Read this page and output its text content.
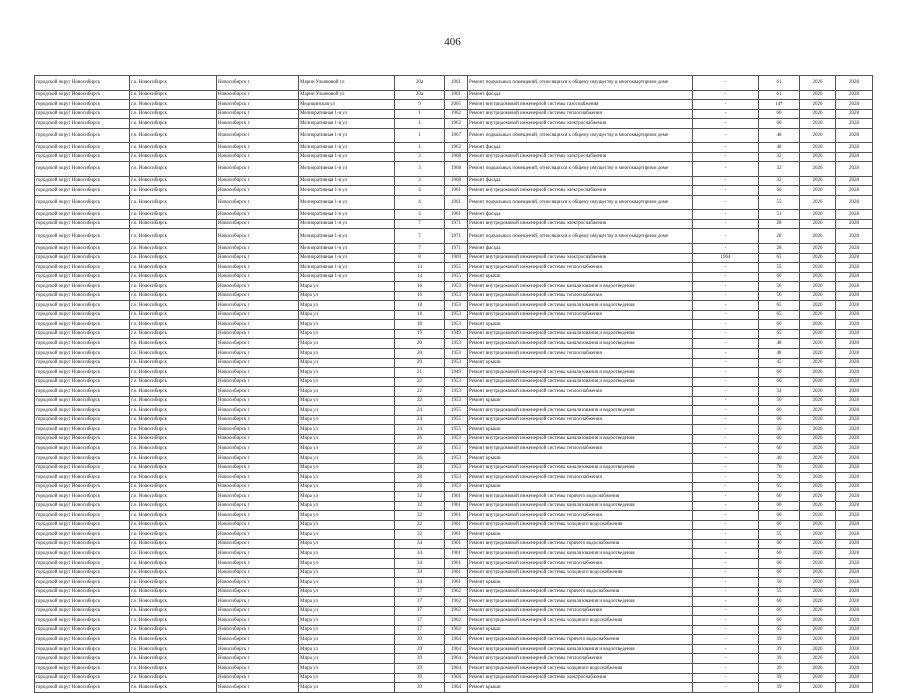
406
городской округ Новосибирск	г.о. Новосибирск	Новосибирск г	Марии Ульяновой ул	20а	1961	Ремонт подвальных помещений, относящихся к общему имуществу в многоквартирном доме	-	61	2026	2028
городской округ Новосибирск	г.о. Новосибирск	Новосибирск г	Марии Ульяновой ул	20а	1961	Ремонт фасада	-	61	2026	2028
городской округ Новосибирск	г.о. Новосибирск	Новосибирск г	Медицинская ул	9	2005	Ремонт внутридомовой инженерной системы газоснабжения	-	14*	2026	2028
городской округ Новосибирск	г.о. Новосибирск	Новосибирск г	Мелиоративная 1-я ул	1	1962	Ремонт внутридомовой инженерной системы теплоснабжения	-	60	2026	2028
городской округ Новосибирск	г.о. Новосибирск	Новосибирск г	Мелиоративная 1-я ул	1	1962	Ремонт внутридомовой инженерной системы электроснабжения	-	60	2026	2028
городской округ Новосибирск	г.о. Новосибирск	Новосибирск г	Мелиоративная 1-я ул	1	1967	Ремонт подвальных помещений, относящихся к общему имуществу в многоквартирном доме	-	48	2026	2028
городской округ Новосибирск	г.о. Новосибирск	Новосибирск г	Мелиоративная 1-я ул	1	1962	Ремонт фасада	-	48	2026	2028
городской округ Новосибирск	г.о. Новосибирск	Новосибирск г	Мелиоративная 1-я ул	3	1968	Ремонт внутридомовой инженерной системы электроснабжения	-	32	2026	2028
городской округ Новосибирск	г.о. Новосибирск	Новосибирск г	Мелиоративная 1-я ул	3	1968	Ремонт подвальных помещений, относящихся к общему имуществу в многоквартирном доме	-	32	2026	2028
городской округ Новосибирск	г.о. Новосибирск	Новосибирск г	Мелиоративная 1-я ул	3	1968	Ремонт фасада	-	32	2026	2028
городской округ Новосибирск	г.о. Новосибирск	Новосибирск г	Мелиоративная 1-я ул	4	1961	Ремонт внутридомовой инженерной системы электроснабжения	-	60	2026	2028
городской округ Новосибирск	г.о. Новосибирск	Новосибирск г	Мелиоративная 1-я ул	4	1961	Ремонт подвальных помещений, относящихся к общему имуществу в многоквартирном доме	-	55	2026	2028
городской округ Новосибирск	г.о. Новосибирск	Новосибирск г	Мелиоративная 1-я ул	4	1961	Ремонт фасада	-	51	2026	2028
городской округ Новосибирск	г.о. Новосибирск	Новосибирск г	Мелиоративная 1-я ул	7	1971	Ремонт внутридомовой инженерной системы электроснабжения	-	28	2026	2028
городской округ Новосибирск	г.о. Новосибирск	Новосибирск г	Мелиоративная 1-я ул	7	1971	Ремонт подвальных помещений, относящихся к общему имуществу в многоквартирном доме	-	28	2026	2028
городской округ Новосибирск	г.о. Новосибирск	Новосибирск г	Мелиоративная 1-я ул	7	1971	Ремонт фасада	-	28	2026	2028
городской округ Новосибирск	г.о. Новосибирск	Новосибирск г	Мелиоративная 1-я ул	8	1969	Ремонт внутридомовой инженерной системы электроснабжения	1964	65	2026	2028
городской округ Новосибирск	г.о. Новосибирск	Новосибирск г	Мелиоративная 1-я ул	14	1955	Ремонт внутридомовой инженерной системы теплоснабжения	-	55	2026	2028
городской округ Новосибирск	г.о. Новосибирск	Новосибирск г	Мелиоративная 1-я ул	14	1955	Ремонт крыши	-	60	2026	2028
городской округ Новосибирск	г.о. Новосибирск	Новосибирск г	Мира ул	16	1953	Ремонт внутридомовой инженерной системы канализования и водоотведения	-	56	2026	2028
городской округ Новосибирск	г.о. Новосибирск	Новосибирск г	Мира ул	16	1953	Ремонт внутридомовой инженерной системы теплоснабжения	-	56	2026	2028
городской округ Новосибирск	г.о. Новосибирск	Новосибирск г	Мира ул	18	1953	Ремонт внутридомовой инженерной системы канализования и водоотведения	-	65	2026	2028
городской округ Новосибирск	г.о. Новосибирск	Новосибирск г	Мира ул	18	1953	Ремонт внутридомовой инженерной системы теплоснабжения	-	65	2026	2028
городской округ Новосибирск	г.о. Новосибирск	Новосибирск г	Мира ул	18	1953	Ремонт крыши	-	60	2026	2028
городской округ Новосибирск	г.о. Новосибирск	Новосибирск г	Мира ул	19	1949	Ремонт внутридомовой инженерной системы канализования и водоотведения	-	65	2026	2028
городской округ Новосибирск	г.о. Новосибирск	Новосибирск г	Мира ул	20	1953	Ремонт внутридомовой инженерной системы канализования и водоотведения	-	48	2026	2028
городской округ Новосибирск	г.о. Новосибирск	Новосибирск г	Мира ул	20	1953	Ремонт внутридомовой инженерной системы теплоснабжения	-	48	2026	2028
городской округ Новосибирск	г.о. Новосибирск	Новосибирск г	Мира ул	20	1953	Ремонт крыши	-	45	2026	2028
городской округ Новосибирск	г.о. Новосибирск	Новосибирск г	Мира ул	21	1949	Ремонт внутридомовой инженерной системы канализования и водоотведения	-	60	2026	2028
городской округ Новосибирск	г.о. Новосибирск	Новосибирск г	Мира ул	22	1953	Ремонт внутридомовой инженерной системы канализования и водоотведения	-	60	2026	2028
городской округ Новосибирск	г.о. Новосибирск	Новосибирск г	Мира ул	22	1953	Ремонт внутридомовой инженерной системы теплоснабжения	-	54	2026	2028
городской округ Новосибирск	г.о. Новосибирск	Новосибирск г	Мира ул	22	1953	Ремонт крыши	-	50	2026	2028
городской округ Новосибирск	г.о. Новосибирск	Новосибирск г	Мира ул	24	1955	Ремонт внутридомовой инженерной системы канализования и водоотведения	-	60	2026	2028
городской округ Новосибирск	г.о. Новосибирск	Новосибирск г	Мира ул	24	1955	Ремонт внутридомовой инженерной системы теплоснабжения	-	60	2026	2028
городской округ Новосибирск	г.о. Новосибирск	Новосибирск г	Мира ул	24	1955	Ремонт крыши	-	50	2026	2028
городской округ Новосибирск	г.о. Новосибирск	Новосибирск г	Мира ул	26	1953	Ремонт внутридомовой инженерной системы канализования и водоотведения	-	60	2026	2028
городской округ Новосибирск	г.о. Новосибирск	Новосибирск г	Мира ул	26	1953	Ремонт внутридомовой инженерной системы теплоснабжения	-	60	2026	2028
городской округ Новосибирск	г.о. Новосибирск	Новосибирск г	Мира ул	26	1953	Ремонт крыши	-	40	2026	2028
городской округ Новосибирск	г.о. Новосибирск	Новосибирск г	Мира ул	28	1953	Ремонт внутридомовой инженерной системы канализования и водоотведения	-	76	2026	2028
городской округ Новосибирск	г.о. Новосибирск	Новосибирск г	Мира ул	28	1953	Ремонт внутридомовой инженерной системы теплоснабжения	-	76	2026	2028
городской округ Новосибирск	г.о. Новосибирск	Новосибирск г	Мира ул	28	1953	Ремонт крыши	-	65	2026	2028
городской округ Новосибирск	г.о. Новосибирск	Новосибирск г	Мира ул	32	1961	Ремонт внутридомовой инженерной системы горячего водоснабжения	-	60	2026	2028
городской округ Новосибирск	г.о. Новосибирск	Новосибирск г	Мира ул	32	1961	Ремонт внутридомовой инженерной системы канализования и водоотведения	-	60	2026	2028
городской округ Новосибирск	г.о. Новосибирск	Новосибирск г	Мира ул	32	1961	Ремонт внутридомовой инженерной системы теплоснабжения	-	60	2026	2028
городской округ Новосибирск	г.о. Новосибирск	Новосибирск г	Мира ул	32	1961	Ремонт внутридомовой инженерной системы холодного водоснабжения	-	60	2026	2028
городской округ Новосибирск	г.о. Новосибирск	Новосибирск г	Мира ул	32	1961	Ремонт крыши	-	55	2026	2028
городской округ Новосибирск	г.о. Новосибирск	Новосибирск г	Мира ул	34	1961	Ремонт внутридомовой инженерной системы горячего водоснабжения	-	60	2026	2028
городской округ Новосибирск	г.о. Новосибирск	Новосибирск г	Мира ул	34	1961	Ремонт внутридомовой инженерной системы канализования и водоотведения	-	60	2026	2028
городской округ Новосибирск	г.о. Новосибирск	Новосибирск г	Мира ул	34	1961	Ремонт внутридомовой инженерной системы теплоснабжения	-	60	2026	2028
городской округ Новосибирск	г.о. Новосибирск	Новосибирск г	Мира ул	34	1961	Ремонт внутридомовой инженерной системы холодного водоснабжения	-	60	2026	2028
городской округ Новосибирск	г.о. Новосибирск	Новосибирск г	Мира ул	34	1961	Ремонт крыши	-	50	2026	2028
городской округ Новосибирск	г.о. Новосибирск	Новосибирск г	Мира ул	37	1962	Ремонт внутридомовой инженерной системы горячего водоснабжения	-	55	2026	2028
городской округ Новосибирск	г.о. Новосибирск	Новосибирск г	Мира ул	37	1962	Ремонт внутридомовой инженерной системы канализования и водоотведения	-	60	2026	2028
городской округ Новосибирск	г.о. Новосибирск	Новосибирск г	Мира ул	37	1962	Ремонт внутридомовой инженерной системы теплоснабжения	-	60	2026	2028
городской округ Новосибирск	г.о. Новосибирск	Новосибирск г	Мира ул	37	1962	Ремонт внутридомовой инженерной системы холодного водоснабжения	-	60	2026	2028
городской округ Новосибирск	г.о. Новосибирск	Новосибирск г	Мира ул	37	1962	Ремонт крыши	-	65	2026	2028
городской округ Новосибирск	г.о. Новосибирск	Новосибирск г	Мира ул	39	1964	Ремонт внутридомовой инженерной системы горячего водоснабжения	-	39	2026	2028
городской округ Новосибирск	г.о. Новосибирск	Новосибирск г	Мира ул	39	1964	Ремонт внутридомовой инженерной системы канализования и водоотведения	-	39	2026	2028
городской округ Новосибирск	г.о. Новосибирск	Новосибирск г	Мира ул	39	1964	Ремонт внутридомовой инженерной системы теплоснабжения	-	39	2026	2028
городской округ Новосибирск	г.о. Новосибирск	Новосибирск г	Мира ул	39	1964	Ремонт внутридомовой инженерной системы холодного водоснабжения	-	39	2026	2028
городской округ Новосибирск	г.о. Новосибирск	Новосибирск г	Мира ул	39	1964	Ремонт внутридомовой инженерной системы электроснабжения	-	39	2026	2028
городской округ Новосибирск	г.о. Новосибирск	Новосибирск г	Мира ул	39	1964	Ремонт крыши	-	39	2026	2028
